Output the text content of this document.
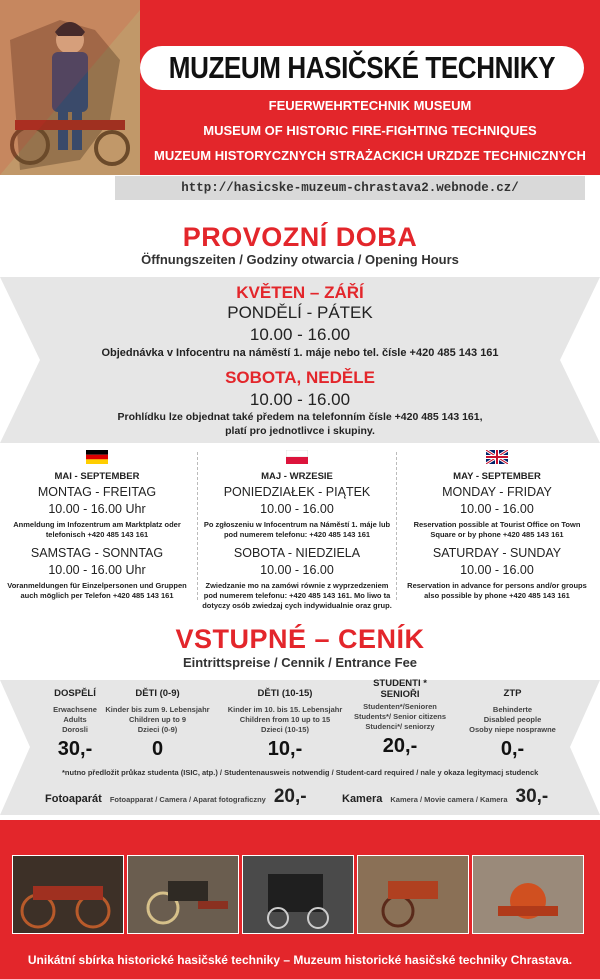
MUZEUM HASIČSKÉ TECHNIKY
FEUERWEHRTECHNIK MUSEUM
MUSEUM OF HISTORIC FIRE-FIGHTING TECHNIQUES
MUZEUM HISTORYCZNYCH STRAŻACKICH URZDZE TECHNICZNYCH
http://hasicske-muzeum-chrastava2.webnode.cz/
PROVOZNÍ DOBA
Öffnungszeiten / Godziny otwarcia / Opening Hours
KVĚTEN – ZÁŘÍ
PONDĚLÍ - PÁTEK
10.00 - 16.00
Objednávka v Infocentru na náměstí 1. máje nebo tel. čísle +420 485 143 161
SOBOTA, NEDĚLE
10.00 - 16.00
Prohlídku lze objednat také předem na telefonním čísle +420 485 143 161,
platí pro jednotlivce i skupiny.
MAI - SEPTEMBER
MONTAG - FREITAG
10.00 - 16.00 Uhr
Anmeldung im Infozentrum am Marktplatz oder telefonisch +420 485 143 161
SAMSTAG - SONNTAG
10.00 - 16.00 Uhr
Voranmeldungen für Einzelpersonen und Gruppen auch möglich per Telefon +420 485 143 161
MAJ - WRZESIE
PONIEDZIAŁEK - PIĄTEK
10.00 - 16.00
Po zgłoszeniu w Infocentrum na Náměstí 1. máje lub pod numerem telefonu: +420 485 143 161
SOBOTA - NIEDZIELA
10.00 - 16.00
Zwiedzanie mo na zamówi równie z wyprzedzeniem pod numerem telefonu: +420 485 143 161. Mo liwo ta dotyczy osób zwiedzaj cych indywidualnie oraz grup.
MAY - SEPTEMBER
MONDAY - FRIDAY
10.00 - 16.00
Reservation possible at Tourist Office on Town Square or by phone +420 485 143 161
SATURDAY - SUNDAY
10.00 - 16.00
Reservation in advance for persons and/or groups also possible by phone +420 485 143 161
VSTUPNÉ – CENÍK
Eintrittspreise / Cennik / Entrance Fee
DOSPĚLÍ
Erwachsene
Adults
Dorosli
30,-
DĚTI (0-9)
Kinder bis zum 9. Lebensjahr
Children up to 9
Dzieci (0-9)
0
DĚTI (10-15)
Kinder im 10. bis 15. Lebensjahr
Children from 10 up to 15
Dzieci (10-15)
10,-
STUDENTI *
SENIOŘI
Studenten*/Senioren
Students*/ Senior citizens
Studenci*/ seniorzy
20,-
ZTP
Behinderte
Disabled people
Osoby niepe nosprawne
0,-
*nutno předložit průkaz studenta (ISIC, atp.) / Studentenausweis notwendig / Student-card required / nale y okaza legitymacj studenck
Fotoaparát Fotoapparat / Camera / Aparat fotograficzny 20,-	Kamera Kamera / Movie camera / Kamera 30,-
Unikátní sbírka historické hasičské techniky – Muzeum historické hasičské techniky Chrastava.
